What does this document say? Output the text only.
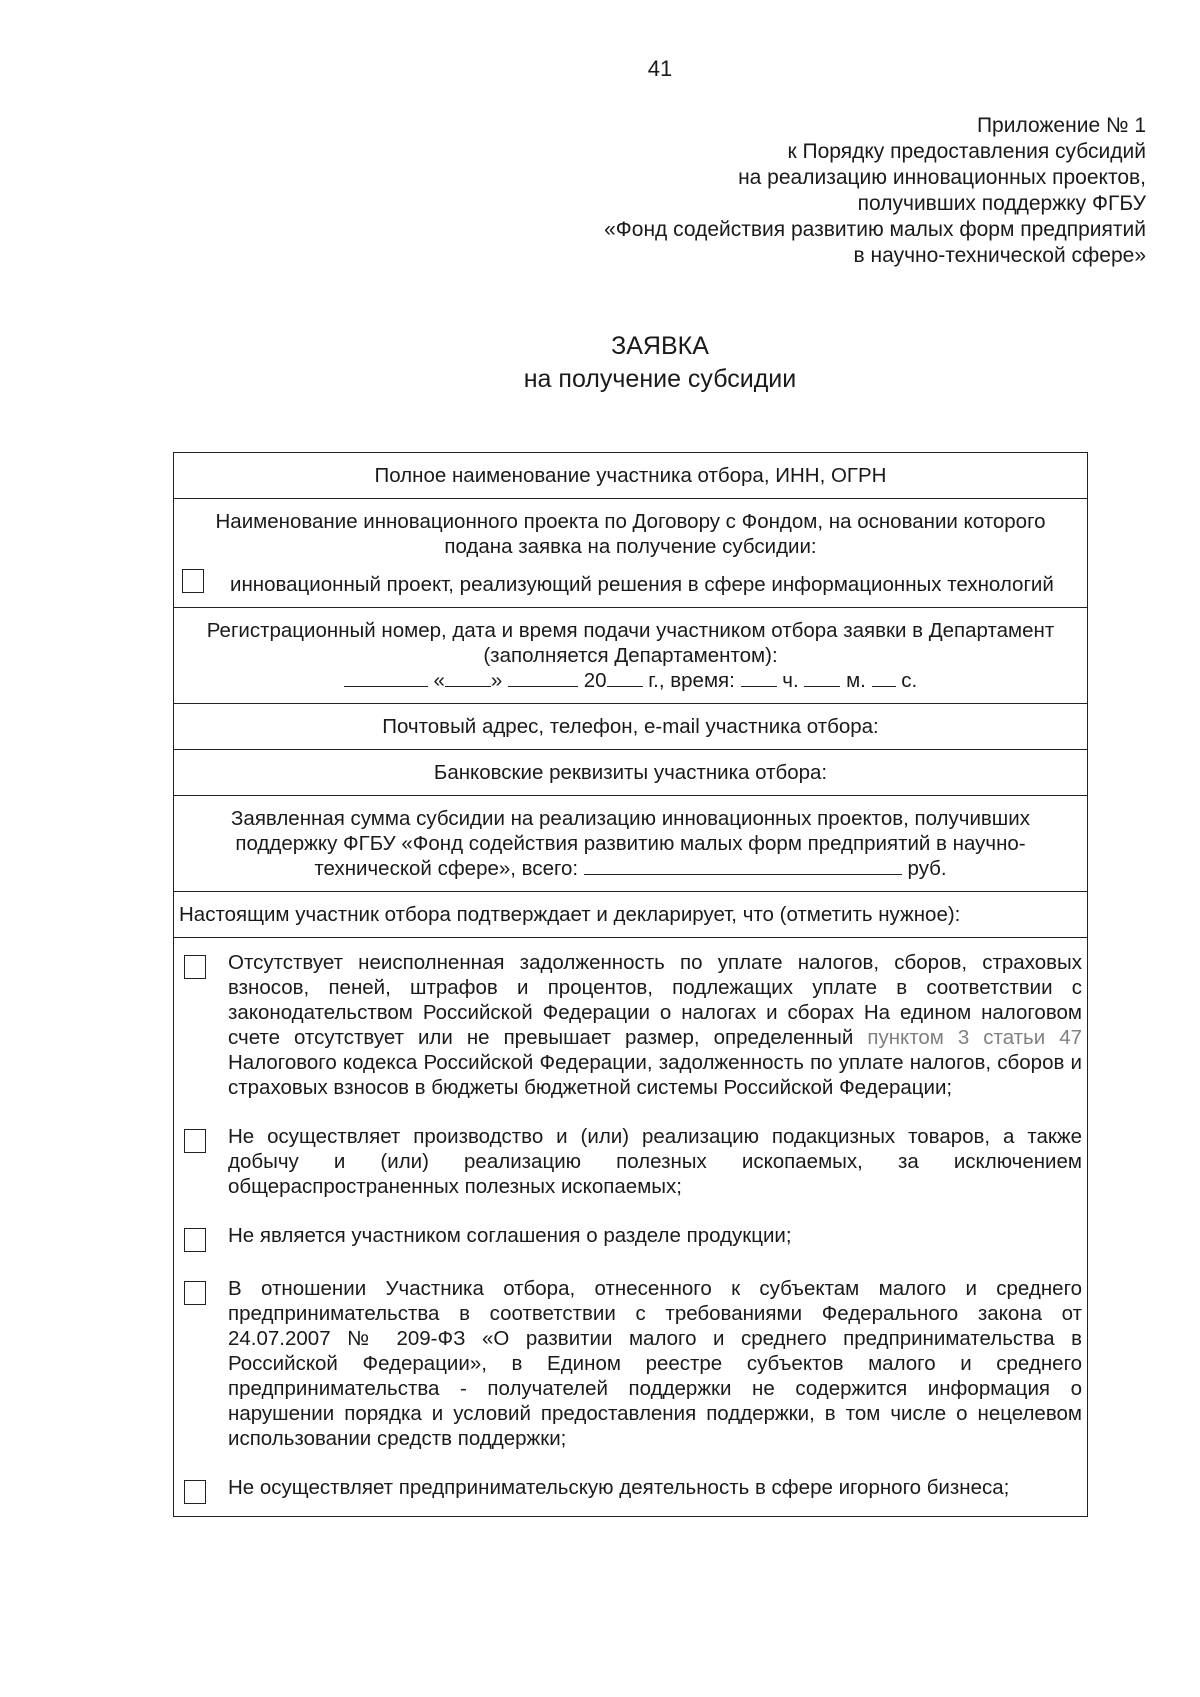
41
Приложение № 1
к Порядку предоставления субсидий
на реализацию инновационных проектов,
получивших поддержку ФГБУ
«Фонд содействия развитию малых форм предприятий
в научно-технической сфере»
ЗАЯВКА
на получение субсидии
Полное наименование участника отбора, ИНН, ОГРН
Наименование инновационного проекта по Договору с Фондом, на основании которого подана заявка на получение субсидии:
инновационный проект, реализующий решения в сфере информационных технологий
Регистрационный номер, дата и время подачи участником отбора заявки в Департамент (заполняется Департаментом):
« »	20 г., время: ч. м. с.
Почтовый адрес, телефон, e-mail участника отбора:
Банковские реквизиты участника отбора:
Заявленная сумма субсидии на реализацию инновационных проектов, получивших поддержку ФГБУ «Фонд содействия развитию малых форм предприятий в научно-технической сфере», всего:	руб.
Настоящим участник отбора подтверждает и декларирует, что (отметить нужное):
Отсутствует неисполненная задолженность по уплате налогов, сборов, страховых взносов, пеней, штрафов и процентов, подлежащих уплате в соответствии с законодательством Российской Федерации о налогах и сборах На едином налоговом счете отсутствует или не превышает размер, определенный пунктом 3 статьи 47 Налогового кодекса Российской Федерации, задолженность по уплате налогов, сборов и страховых взносов в бюджеты бюджетной системы Российской Федерации;
Не осуществляет производство и (или) реализацию подакцизных товаров, а также добычу и (или) реализацию полезных ископаемых, за исключением общераспространенных полезных ископаемых;
Не является участником соглашения о разделе продукции;
В отношении Участника отбора, отнесенного к субъектам малого и среднего предпринимательства в соответствии с требованиями Федерального закона от 24.07.2007 № 209-ФЗ «О развитии малого и среднего предпринимательства в Российской Федерации», в Едином реестре субъектов малого и среднего предпринимательства - получателей поддержки не содержится информация о нарушении порядка и условий предоставления поддержки, в том числе о нецелевом использовании средств поддержки;
Не осуществляет предпринимательскую деятельность в сфере игорного бизнеса;
